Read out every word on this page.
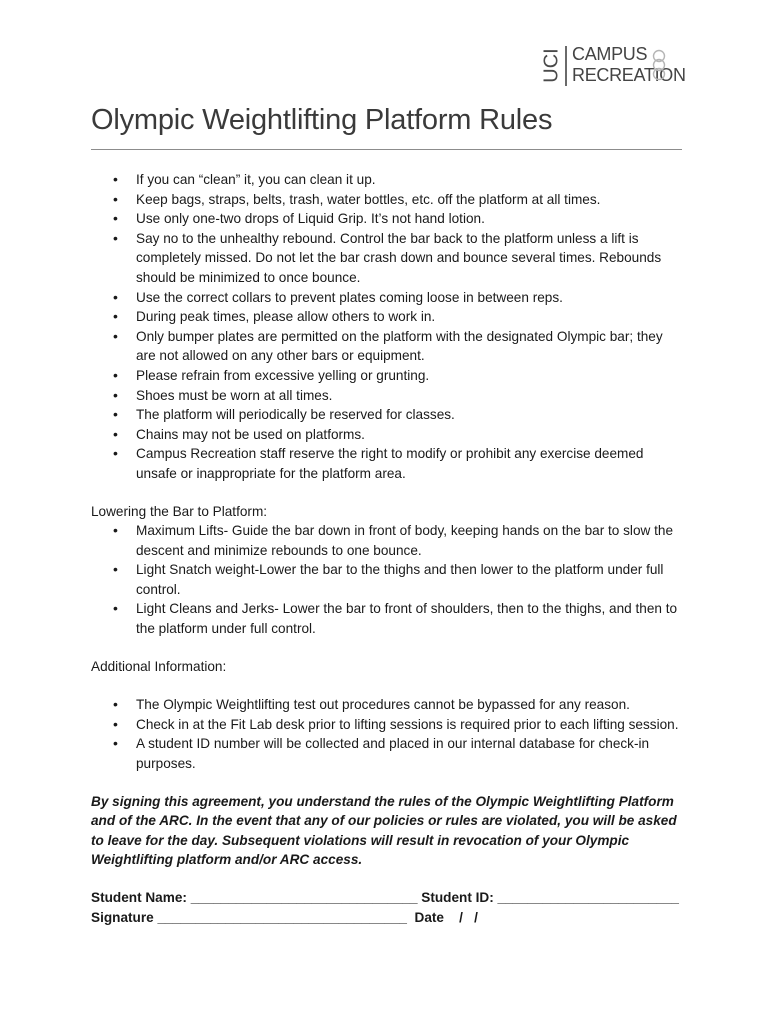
UCI CAMPUS
RECREATION
Olympic Weightlifting Platform Rules
• If you can “clean” it, you can clean it up.
• Keep bags, straps, belts, trash, water bottles, etc. off the platform at all times.
• Use only one-two drops of Liquid Grip. It’s not hand lotion.
• Say no to the unhealthy rebound. Control the bar back to the platform unless a lift is completely missed. Do not let the bar crash down and bounce several times. Rebounds should be minimized to once bounce.
• Use the correct collars to prevent plates coming loose in between reps.
• During peak times, please allow others to work in.
• Only bumper plates are permitted on the platform with the designated Olympic bar; they are not allowed on any other bars or equipment.
• Please refrain from excessive yelling or grunting.
• Shoes must be worn at all times.
• The platform will periodically be reserved for classes.
• Chains may not be used on platforms.
• Campus Recreation staff reserve the right to modify or prohibit any exercise deemed unsafe or inappropriate for the platform area.

Lowering the Bar to Platform:

• Maximum Lifts- Guide the bar down in front of body, keeping hands on the bar to slow the descent and minimize rebounds to one bounce.
• Light Snatch weight-Lower the bar to the thighs and then lower to the platform under full control.
• Light Cleans and Jerks- Lower the bar to front of shoulders, then to the thighs, and then to the platform under full control.

Additional Information:

• The Olympic Weightlifting test out procedures cannot be bypassed for any reason.
• Check in at the Fit Lab desk prior to lifting sessions is required prior to each lifting session.
• A student ID number will be collected and placed in our internal database for check-in purposes.

By signing this agreement, you understand the rules of the Olympic Weightlifting Platform and of the ARC. In the event that any of our policies or rules are violated, you will be asked to leave for the day. Subsequent violations will result in revocation of your Olympic Weightlifting platform and/or ARC access.

Student Name: ______________________________ Student ID: ________________________

Signature _________________________________  Date    /   /
